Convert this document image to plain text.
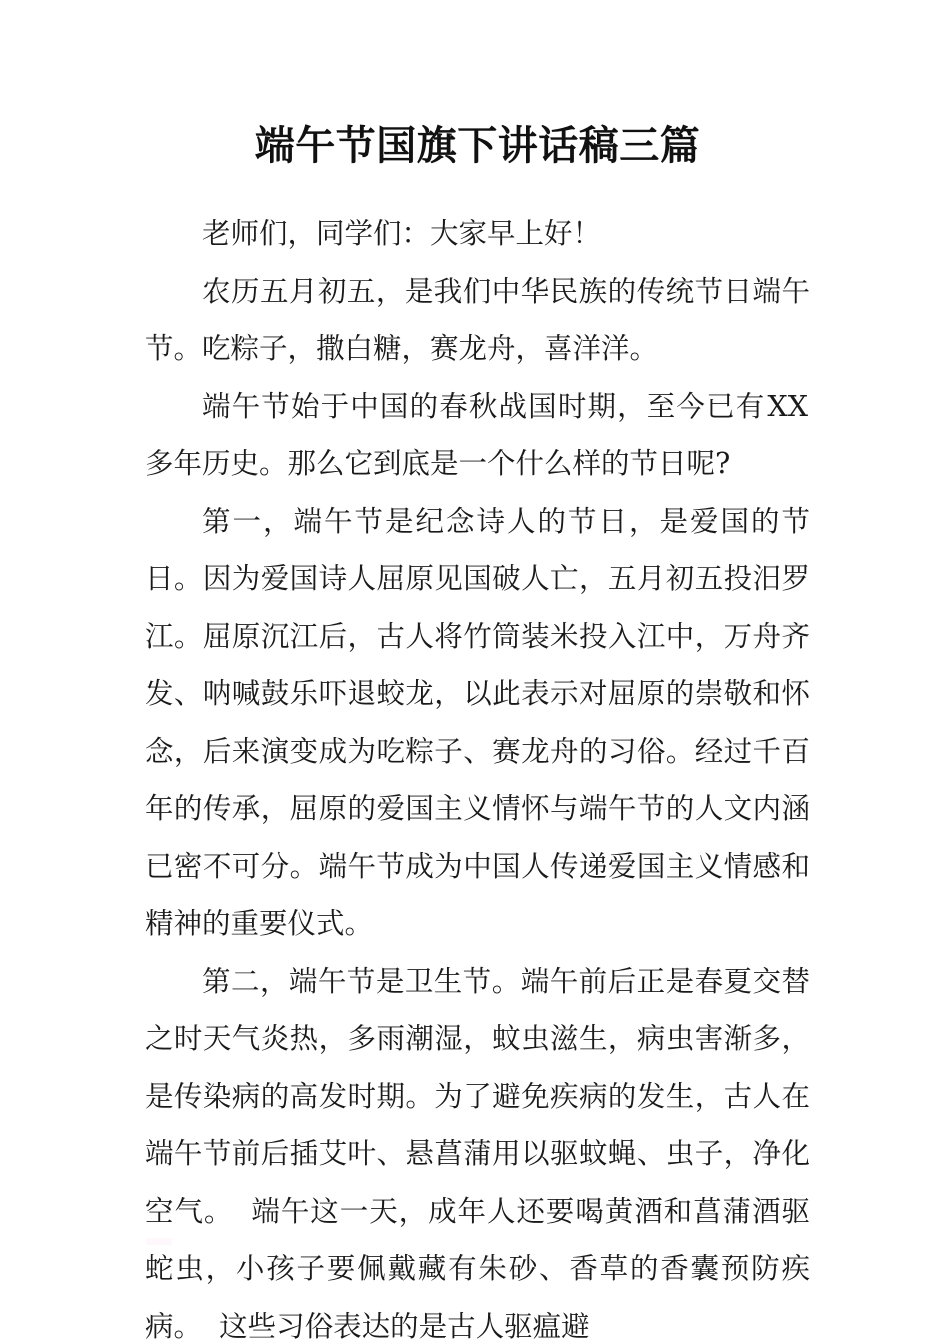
端午节国旗下讲话稿三篇

老师们，同学们：大家早上好！

农历五月初五，是我们中华民族的传统节日端午节。吃粽子，撒白糖，赛龙舟，喜洋洋。

端午节始于中国的春秋战国时期，至今已有XX多年历史。那么它到底是一个什么样的节日呢?

第一，端午节是纪念诗人的节日，是爱国的节日。因为爱国诗人屈原见国破人亡，五月初五投汨罗江。屈原沉江后，古人将竹筒装米投入江中，万舟齐发、呐喊鼓乐吓退蛟龙，以此表示对屈原的崇敬和怀念，后来演变成为吃粽子、赛龙舟的习俗。经过千百年的传承，屈原的爱国主义情怀与端午节的人文内涵已密不可分。端午节成为中国人传递爱国主义情感和精神的重要仪式。

第二，端午节是卫生节。端午前后正是春夏交替之时天气炎热，多雨潮湿，蚊虫滋生，病虫害渐多，是传染病的高发时期。为了避免疾病的发生，古人在端午节前后插艾叶、悬菖蒲用以驱蚊蝇、虫子，净化空气。 端午这一天，成年人还要喝黄酒和菖蒲酒驱蛇虫，小孩子要佩戴藏有朱砂、香草的香囊预防疾病。 这些习俗表达的是古人驱瘟避
